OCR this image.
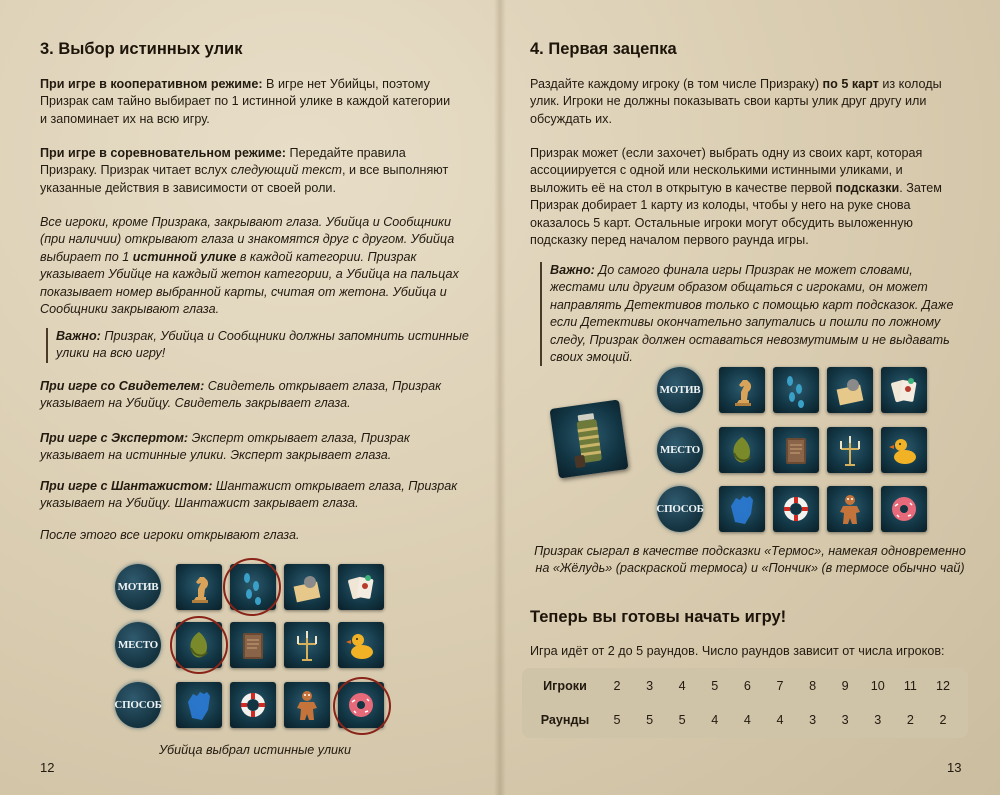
3. Выбор истинных улик

При игре в кооперативном режиме: В игре нет Убийцы, поэтому Призрак сам тайно выбирает по 1 истинной улике в каждой категории и запоминает их на всю игру.

При игре в соревновательном режиме: Передайте правила Призраку. Призрак читает вслух следующий текст, и все выполняют указанные действия в зависимости от своей роли.

Все игроки, кроме Призрака, закрывают глаза. Убийца и Сообщники (при наличии) открывают глаза и знакомятся друг с другом. Убийца выбирает по 1 истинной улике в каждой категории. Призрак указывает Убийце на каждый жетон категории, а Убийца на пальцах показывает номер выбранной карты, считая от жетона. Убийца и Сообщники закрывают глаза.

Важно: Призрак, Убийца и Сообщники должны запомнить истинные улики на всю игру!

При игре со Свидетелем: Свидетель открывает глаза, Призрак указывает на Убийцу. Свидетель закрывает глаза.

При игре с Экспертом: Эксперт открывает глаза, Призрак указывает на истинные улики. Эксперт закрывает глаза.

При игре с Шантажистом: Шантажист открывает глаза, Призрак указывает на Убийцу. Шантажист закрывает глаза.

После этого все игроки открывают глаза.

МОТИВ
МЕСТО
СПОСОБ
Убийца выбрал истинные улики
12
4. Первая зацепка

Раздайте каждому игроку (в том числе Призраку) по 5 карт из колоды улик. Игроки не должны показывать свои карты улик друг другу или обсуждать их.

Призрак может (если захочет) выбрать одну из своих карт, которая ассоциируется с одной или несколькими истинными уликами, и выложить её на стол в открытую в качестве первой подсказки. Затем Призрак добирает 1 карту из колоды, чтобы у него на руке снова оказалось 5 карт. Остальные игроки могут обсудить выложенную подсказку перед началом первого раунда игры.

Важно: До самого финала игры Призрак не может словами, жестами или другим образом общаться с игроками, он может направлять Детективов только с помощью карт подсказок. Даже если Детективы окончательно запутались и пошли по ложному следу, Призрак должен оставаться невозмутимым и не выдавать своих эмоций.

Призрак сыграл в качестве подсказки «Термос», намекая одновременно на «Жёлудь» (раскраской термоса) и «Пончик» (в термосе обычно чай)
Теперь вы готовы начать игру!

Игра идёт от 2 до 5 раундов. Число раундов зависит от числа игроков:

13
МОТИВ
МЕСТО
СПОСОБ
Игроки	2	3	4	5	6	7	8	9	10	11	12
Раунды	5	5	5	4	4	4	3	3	3	2	2
